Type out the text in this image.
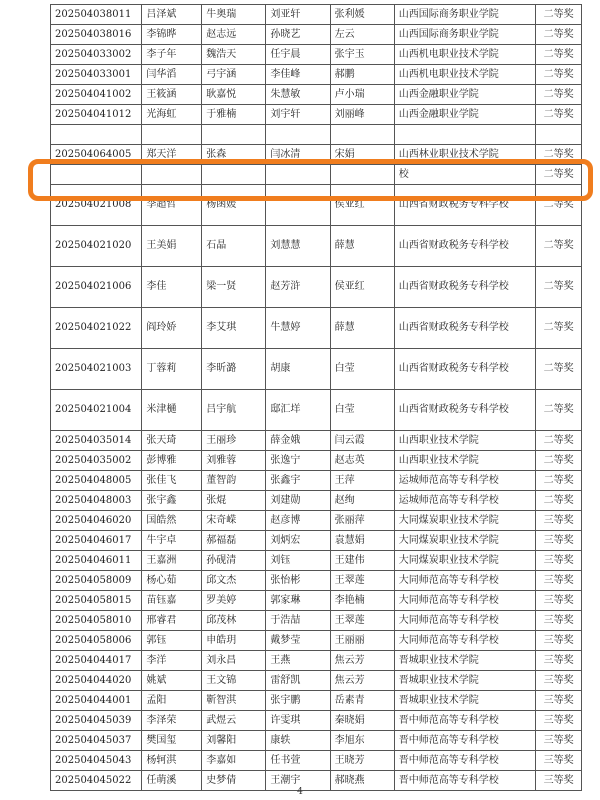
202504038011	吕泽斌	牛奥瑞	刘亚轩	张利媛	山西国际商务职业学院	二等奖
202504038016	李锦晔	赵志远	孙晓艺	左云	山西国际商务职业学院	二等奖
202504033002	李子年	魏浩天	任宇晨	张宇玉	山西机电职业技术学院	二等奖
202504033001	闫华滔	弓宇涵	李佳峰	郝鹏	山西机电职业技术学院	二等奖
202504041002	王筱涵	耿嘉悦	朱慧敏	卢小瑞	山西金融职业学院	二等奖
202504041012	光海虹	于雅楠	刘宇轩	刘丽峰	山西金融职业学院	二等奖

202504064005	郑天洋	张森	闫冰清	宋娟	山西林业职业技术学院	二等奖
					校	二等奖
202504021008	李超哲	杨函媛		侯亚红	山西省财政税务专科学校	二等奖
202504021020	王美娟	石晶	刘慧慧	薛慧	山西省财政税务专科学校	二等奖
202504021006	李佳	梁一贤	赵芳浒	侯亚红	山西省财政税务专科学校	二等奖
202504021022	阎玲娇	李艾琪	牛慧婷	薛慧	山西省财政税务专科学校	二等奖
202504021003	丁蓉莉	李昕潞	胡康	白莹	山西省财政税务专科学校	二等奖
202504021004	米津樋	吕宇航	邸汇垟	白莹	山西省财政税务专科学校	二等奖
202504035014	张天琦	王丽珍	薛金娥	闫云霞	山西职业技术学院	二等奖
202504035002	彭博雅	刘雅蓉	张逸宁	赵志英	山西职业技术学院	二等奖
202504048005	张佳飞	董智韵	张鑫宇	王萍	运城师范高等专科学校	二等奖
202504048003	张宇鑫	张焜	刘建勋	赵绚	运城师范高等专科学校	二等奖
202504046020	国皓然	宋奇嵘	赵彦博	张丽萍	大同煤炭职业技术学院	三等奖
202504046017	牛宇卓	郝福磊	刘炳宏	袁慧娟	大同煤炭职业技术学院	三等奖
202504046011	王嘉洲	孙砚清	刘钰	王建伟	大同煤炭职业技术学院	三等奖
202504058009	杨心茹	邱文杰	张怡彬	王翠莲	大同师范高等专科学校	三等奖
202504058015	苗钰嘉	罗美婷	郭家琳	李艳楠	大同师范高等专科学校	三等奖
202504058010	邢睿君	邱茂林	于浩喆	王翠莲	大同师范高等专科学校	三等奖
202504058006	郭钰	申皓玥	戴梦莹	王丽丽	大同师范高等专科学校	三等奖
202504044017	李洋	刘永昌	王燕	焦云芳	晋城职业技术学院	三等奖
202504044020	姚斌	王文锦	雷舒凯	焦云芳	晋城职业技术学院	三等奖
202504044001	孟阳	靳智淇	张宇鹏	岳素青	晋城职业技术学院	三等奖
202504045039	李泽荣	武煜云	许雯琪	秦晓娟	晋中师范高等专科学校	三等奖
202504045037	樊国玺	刘馨阳	康轶	李旭东	晋中师范高等专科学校	三等奖
202504045043	杨轲淇	李嘉如	任书萱	王晓芳	晋中师范高等专科学校	三等奖
202504045022	任萌溪	史梦倩	王潮宇	郝晓燕	晋中师范高等专科学校	三等奖
4
